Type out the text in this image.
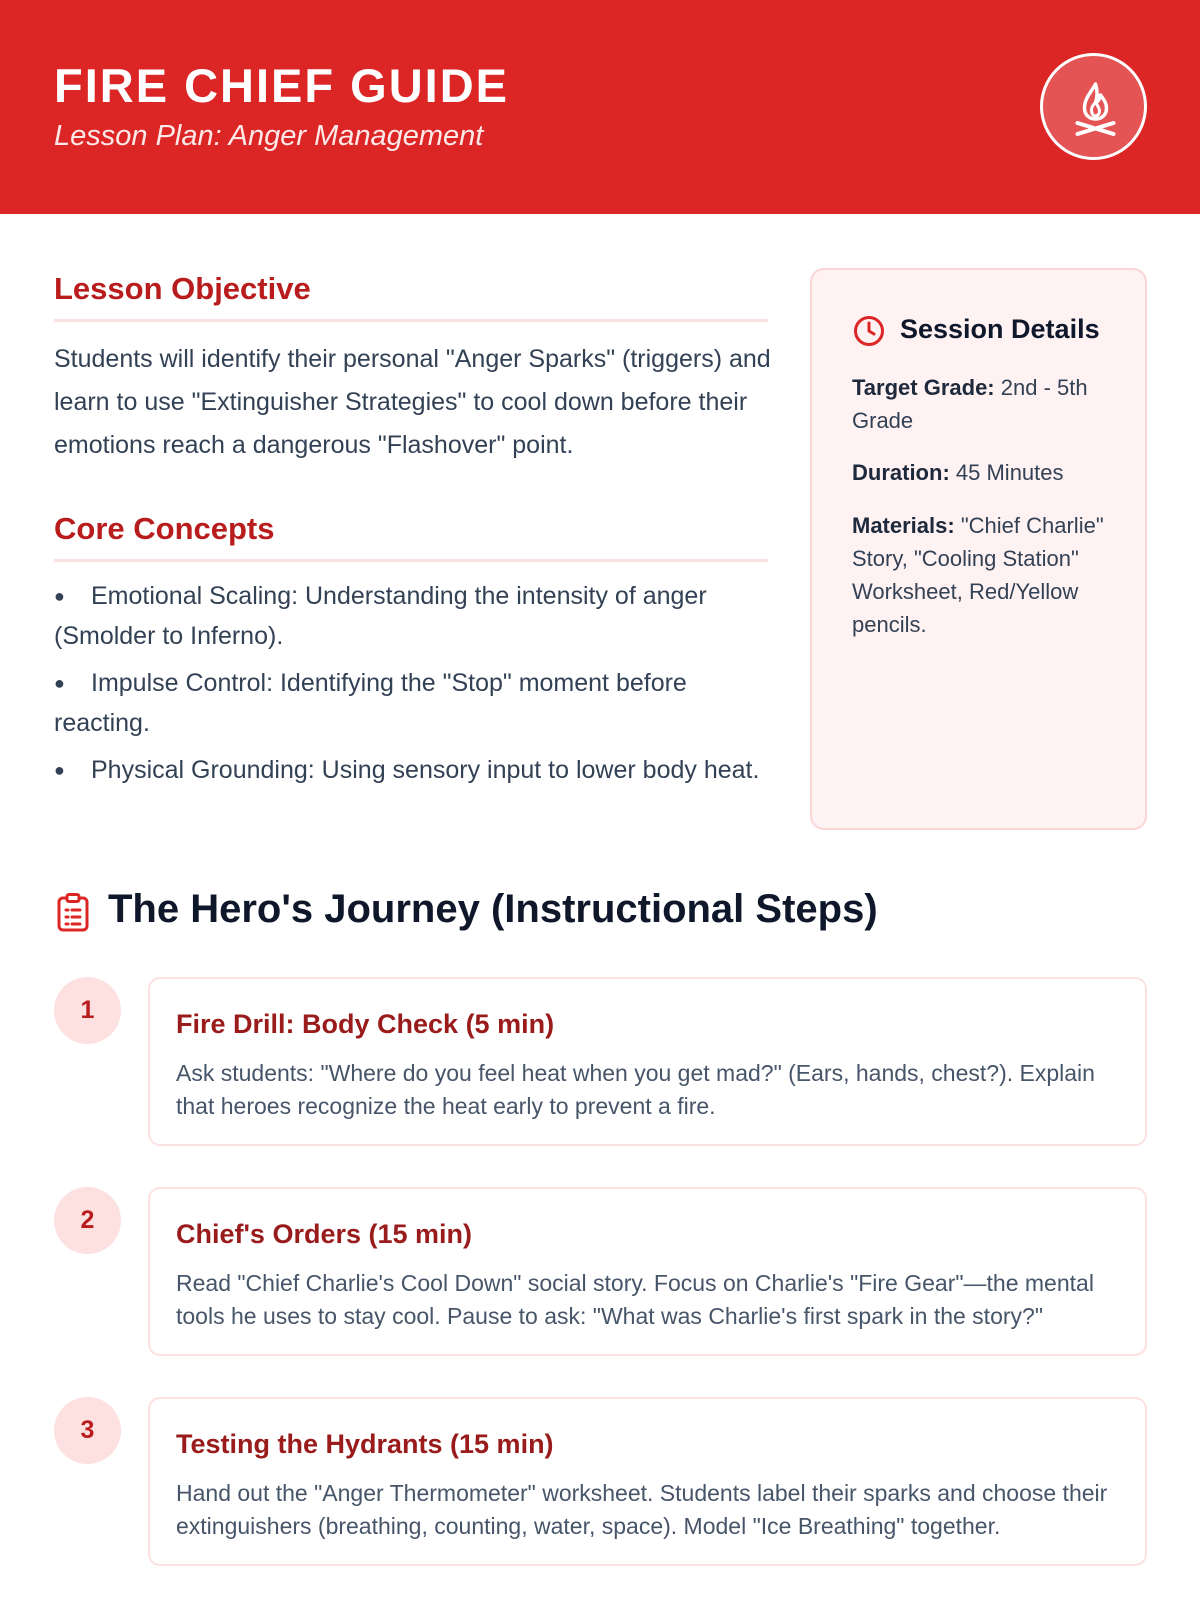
FIRE CHIEF GUIDE
Lesson Plan: Anger Management
Lesson Objective

Students will identify their personal "Anger Sparks" (triggers) and learn to use "Extinguisher Strategies" to cool down before their emotions reach a dangerous "Flashover" point.

Core Concepts
● Emotional Scaling: Understanding the intensity of anger (Smolder to Inferno).
● Impulse Control: Identifying the "Stop" moment before reacting.
● Physical Grounding: Using sensory input to lower body heat.
Session Details
Target Grade: 2nd - 5th Grade
Duration: 45 Minutes
Materials: "Chief Charlie" Story, "Cooling Station" Worksheet, Red/Yellow pencils.
The Hero's Journey (Instructional Steps)
1	Fire Drill: Body Check (5 min)

Ask students: "Where do you feel heat when you get mad?" (Ears, hands, chest?). Explain that heroes recognize the heat early to prevent a fire.

2	Chief's Orders (15 min)

Read "Chief Charlie's Cool Down" social story. Focus on Charlie's "Fire Gear"—the mental tools he uses to stay cool. Pause to ask: "What was Charlie's first spark in the story?"

3	Testing the Hydrants (15 min)

Hand out the "Anger Thermometer" worksheet. Students label their sparks and choose their extinguishers (breathing, counting, water, space). Model "Ice Breathing" together.
